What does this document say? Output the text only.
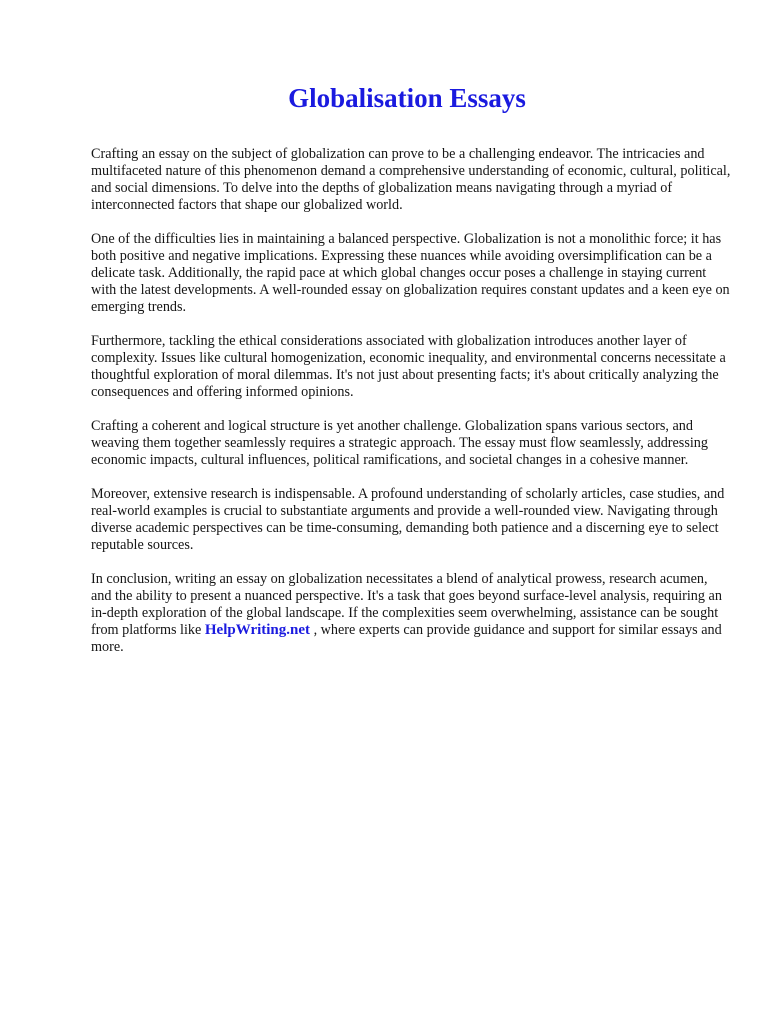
Globalisation Essays

Crafting an essay on the subject of globalization can prove to be a challenging endeavor. The intricacies and multifaceted nature of this phenomenon demand a comprehensive understanding of economic, cultural, political, and social dimensions. To delve into the depths of globalization means navigating through a myriad of interconnected factors that shape our globalized world.

One of the difficulties lies in maintaining a balanced perspective. Globalization is not a monolithic force; it has both positive and negative implications. Expressing these nuances while avoiding oversimplification can be a delicate task. Additionally, the rapid pace at which global changes occur poses a challenge in staying current with the latest developments. A well-rounded essay on globalization requires constant updates and a keen eye on emerging trends.

Furthermore, tackling the ethical considerations associated with globalization introduces another layer of complexity. Issues like cultural homogenization, economic inequality, and environmental concerns necessitate a thoughtful exploration of moral dilemmas. It's not just about presenting facts; it's about critically analyzing the consequences and offering informed opinions.

Crafting a coherent and logical structure is yet another challenge. Globalization spans various sectors, and weaving them together seamlessly requires a strategic approach. The essay must flow seamlessly, addressing economic impacts, cultural influences, political ramifications, and societal changes in a cohesive manner.

Moreover, extensive research is indispensable. A profound understanding of scholarly articles, case studies, and real-world examples is crucial to substantiate arguments and provide a well-rounded view. Navigating through diverse academic perspectives can be time-consuming, demanding both patience and a discerning eye to select reputable sources.

In conclusion, writing an essay on globalization necessitates a blend of analytical prowess, research acumen, and the ability to present a nuanced perspective. It's a task that goes beyond surface-level analysis, requiring an in-depth exploration of the global landscape. If the complexities seem overwhelming, assistance can be sought from platforms like HelpWriting.net , where experts can provide guidance and support for similar essays and more.
